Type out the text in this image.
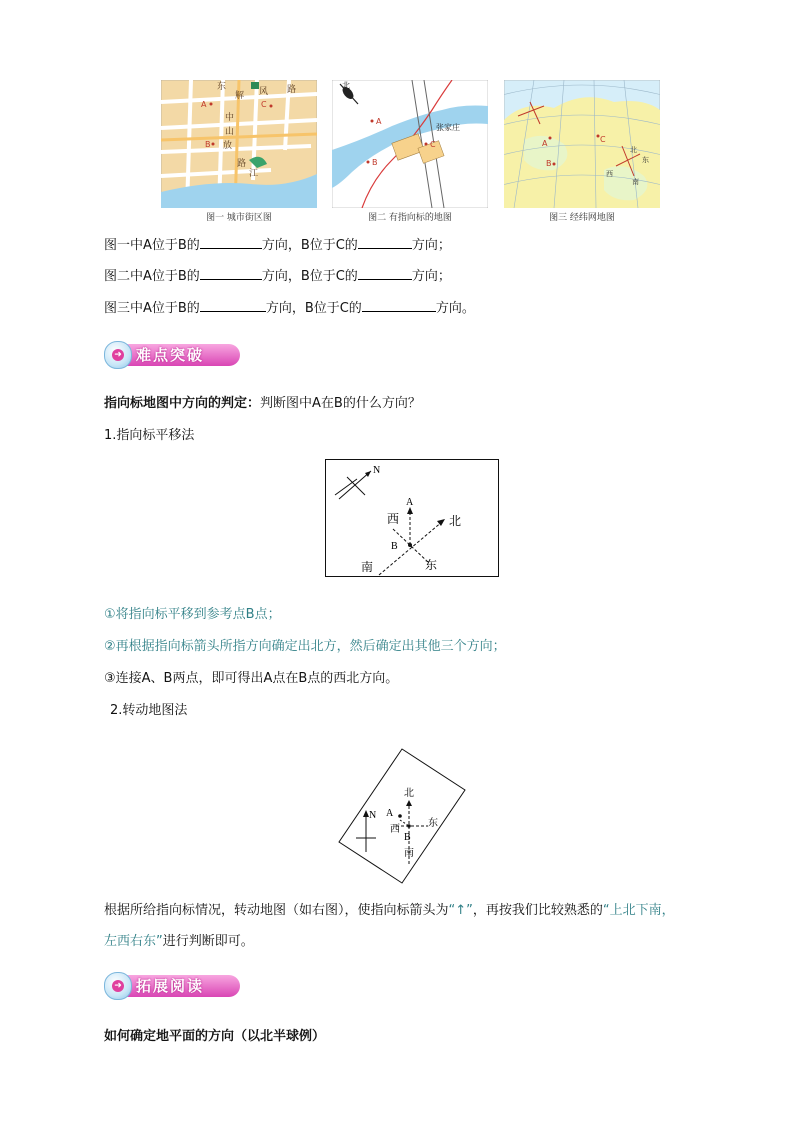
东
解 风 路
中
山
放
路
江
A
B
C
图一 城市街区图
北
A
B
C
张家庄
图二 有指向标的地图
北
南
东
西
A
B
C
图三 经纬网地图
图一中A位于B的	方向，B位于C的	方向；
图二中A位于B的	方向，B位于C的	方向；
图三中A位于B的	方向，B位于C的	方向。
➜ 难点突破
指向标地图中方向的判定：判断图中A在B的什么方向？
1.指向标平移法
N
A
B
西	北
南	东
①将指向标平移到参考点B点；
②再根据指向标箭头所指方向确定出北方，然后确定出其他三个方向；
③连接A、B两点，即可得出A点在B点的西北方向。
2.转动地图法
N
北
A
B
西
东
南
根据所给指向标情况，转动地图（如右图），使指向标箭头为“↑”，再按我们比较熟悉的“上北下南，
左西右东”进行判断即可。
➜ 拓展阅读
如何确定地平面的方向（以北半球例）
